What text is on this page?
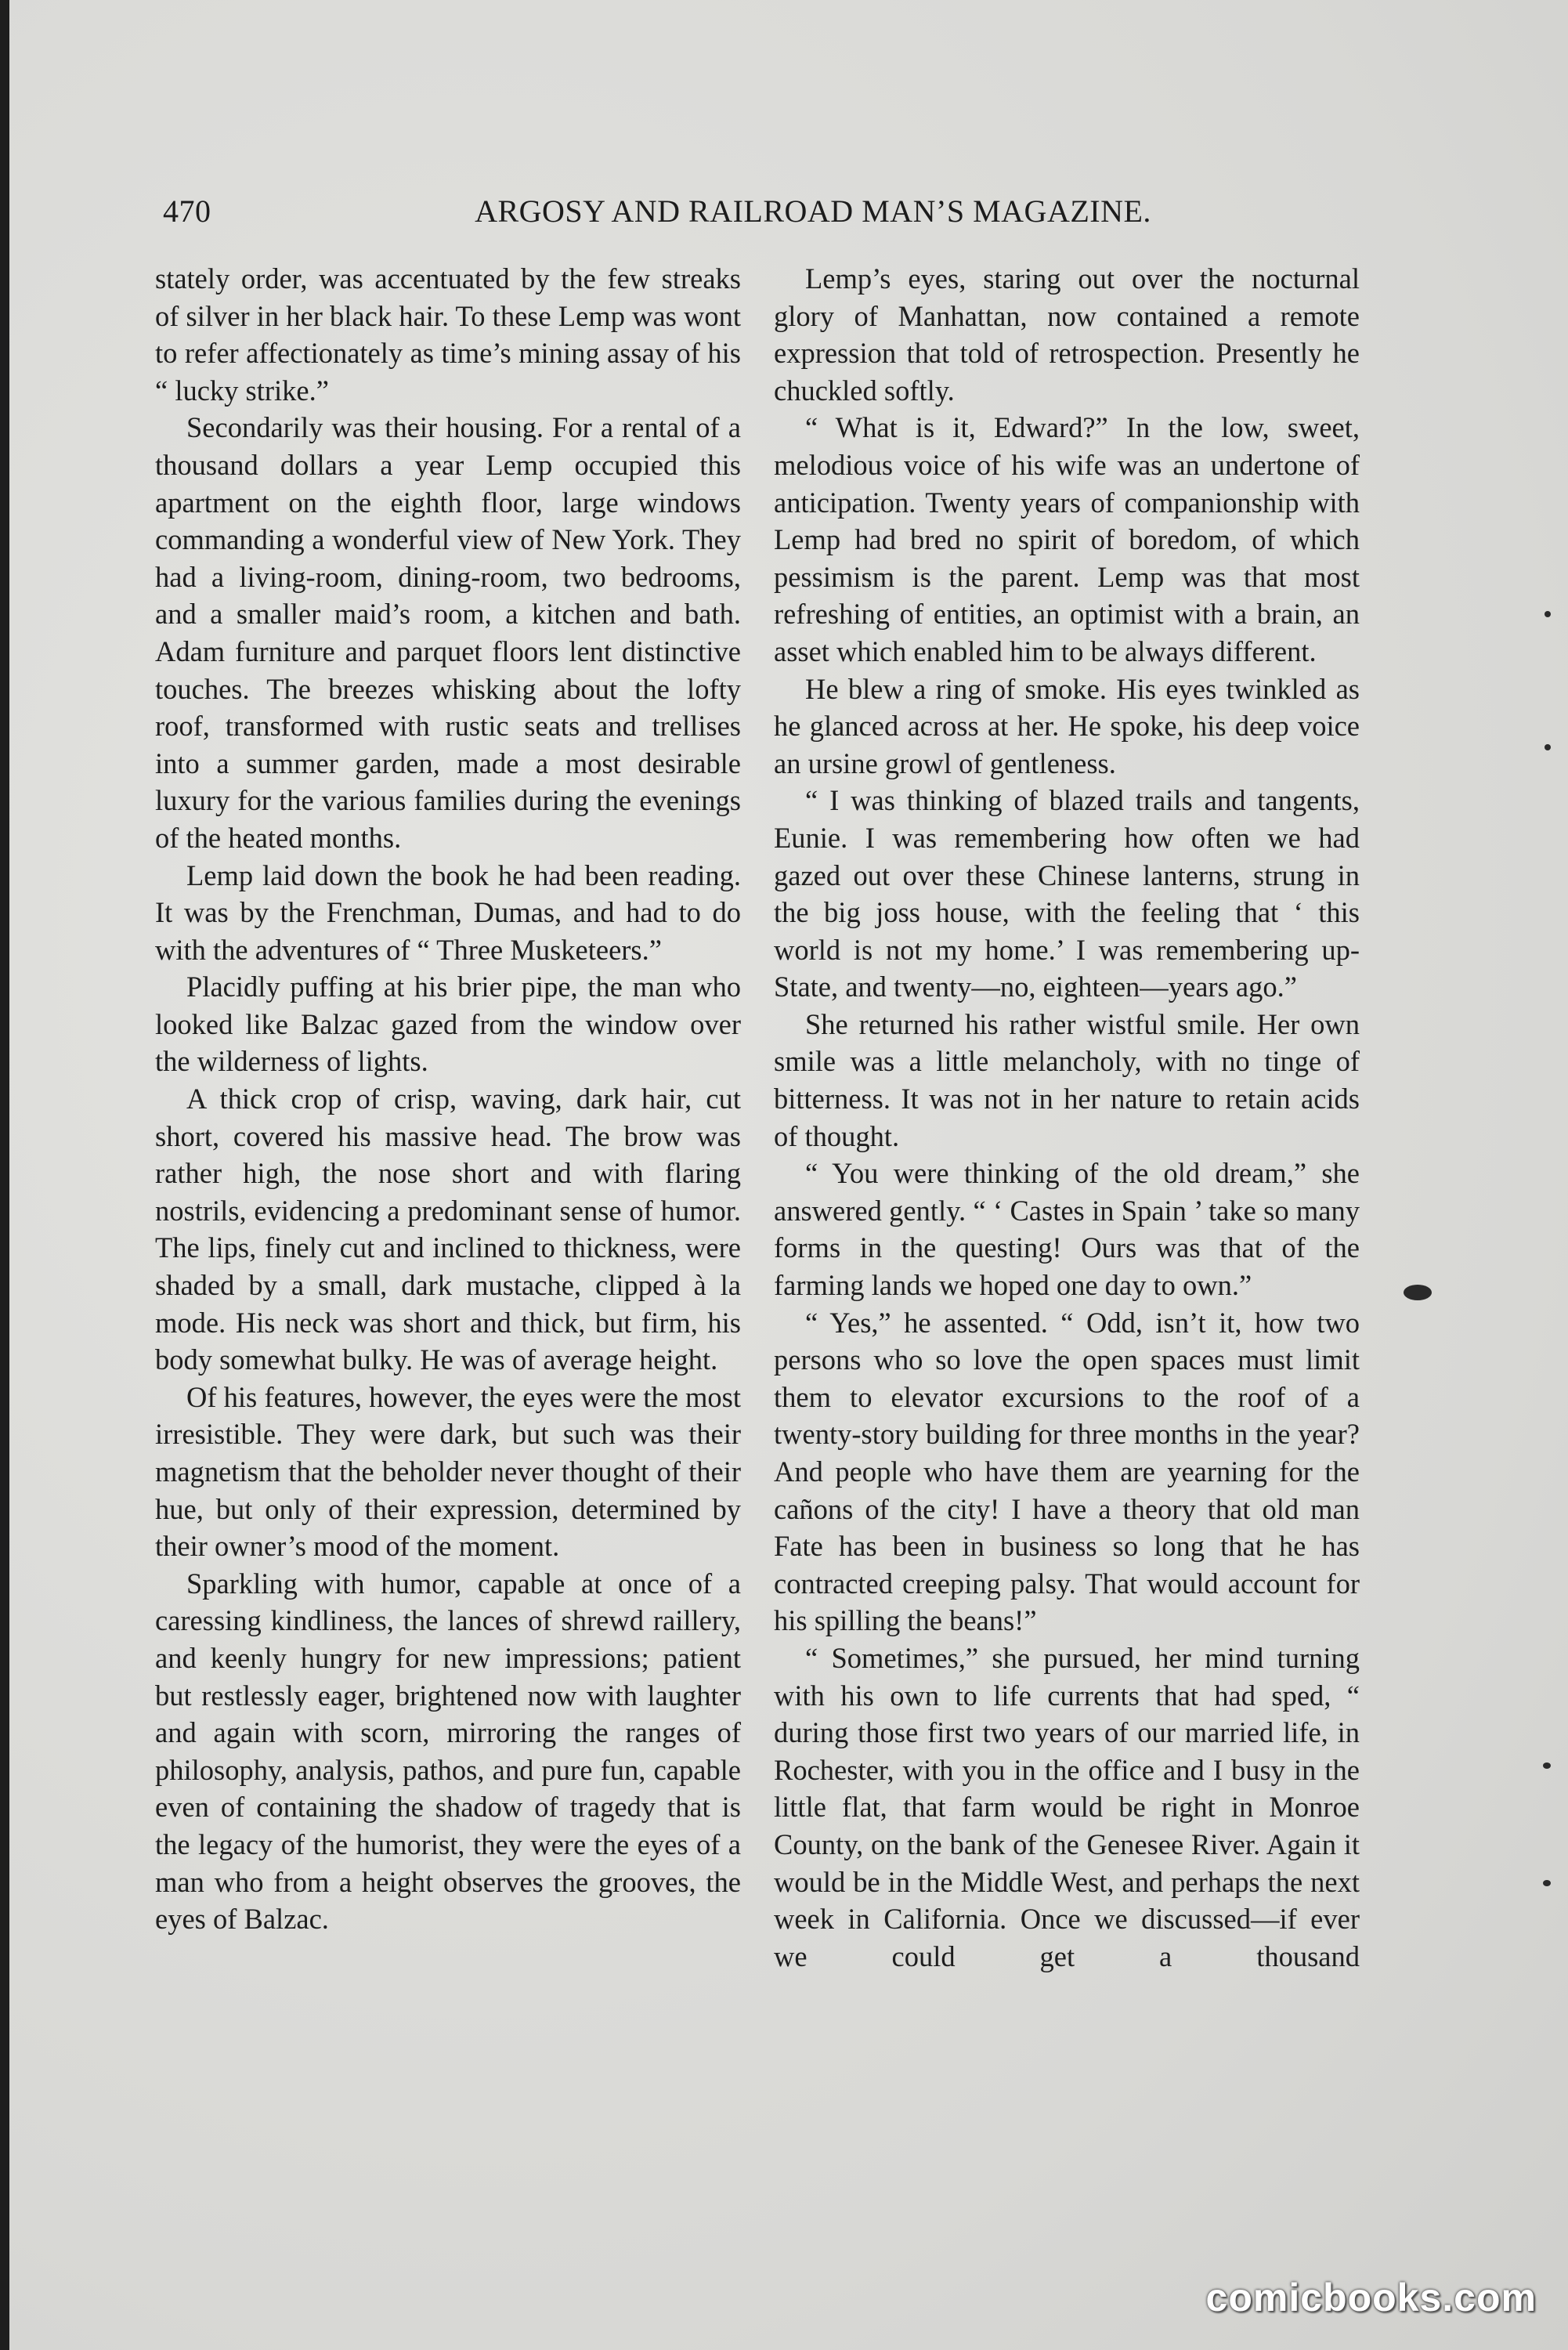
470	ARGOSY AND RAILROAD MAN’S MAGAZINE.

stately order, was accentuated by the few streaks of silver in her black hair. To these Lemp was wont to refer affectionately as time’s mining assay of his “ lucky strike.”

Secondarily was their housing. For a rental of a thousand dollars a year Lemp occupied this apartment on the eighth floor, large windows commanding a wonderful view of New York. They had a living-room, dining-room, two bedrooms, and a smaller maid’s room, a kitchen and bath. Adam furniture and parquet floors lent distinctive touches. The breezes whisking about the lofty roof, transformed with rustic seats and trellises into a summer garden, made a most desirable luxury for the various families during the evenings of the heated months.

Lemp laid down the book he had been reading. It was by the Frenchman, Dumas, and had to do with the adventures of “ Three Musketeers.”

Placidly puffing at his brier pipe, the man who looked like Balzac gazed from the window over the wilderness of lights.

A thick crop of crisp, waving, dark hair, cut short, covered his massive head. The brow was rather high, the nose short and with flaring nostrils, evidencing a predominant sense of humor. The lips, finely cut and inclined to thickness, were shaded by a small, dark mustache, clipped à la mode. His neck was short and thick, but firm, his body somewhat bulky. He was of average height.

Of his features, however, the eyes were the most irresistible. They were dark, but such was their magnetism that the beholder never thought of their hue, but only of their expression, determined by their owner’s mood of the moment.

Sparkling with humor, capable at once of a caressing kindliness, the lances of shrewd raillery, and keenly hungry for new impressions; patient but restlessly eager, brightened now with laughter and again with scorn, mirroring the ranges of philosophy, analysis, pathos, and pure fun, capable even of containing the shadow of tragedy that is the legacy of the humorist, they were the eyes of a man who from a height observes the grooves, the eyes of Balzac.

Lemp’s eyes, staring out over the nocturnal glory of Manhattan, now contained a remote expression that told of retrospection. Presently he chuckled softly.

“ What is it, Edward?” In the low, sweet, melodious voice of his wife was an undertone of anticipation. Twenty years of companionship with Lemp had bred no spirit of boredom, of which pessimism is the parent. Lemp was that most refreshing of entities, an optimist with a brain, an asset which enabled him to be always different.

He blew a ring of smoke. His eyes twinkled as he glanced across at her. He spoke, his deep voice an ursine growl of gentleness.

“ I was thinking of blazed trails and tangents, Eunie. I was remembering how often we had gazed out over these Chinese lanterns, strung in the big joss house, with the feeling that ‘ this world is not my home.’ I was remembering up-State, and twenty—no, eighteen—years ago.”

She returned his rather wistful smile. Her own smile was a little melancholy, with no tinge of bitterness. It was not in her nature to retain acids of thought.

“ You were thinking of the old dream,” she answered gently. “ ‘ Castes in Spain ’ take so many forms in the questing! Ours was that of the farming lands we hoped one day to own.”

“ Yes,” he assented. “ Odd, isn’t it, how two persons who so love the open spaces must limit them to elevator excursions to the roof of a twenty-story building for three months in the year? And people who have them are yearning for the cañons of the city! I have a theory that old man Fate has been in business so long that he has contracted creeping palsy. That would account for his spilling the beans!”

“ Sometimes,” she pursued, her mind turning with his own to life currents that had sped, “ during those first two years of our married life, in Rochester, with you in the office and I busy in the little flat, that farm would be right in Monroe County, on the bank of the Genesee River. Again it would be in the Middle West, and perhaps the next week in California. Once we discussed—if ever we could get a thousand

comicbooks.com
